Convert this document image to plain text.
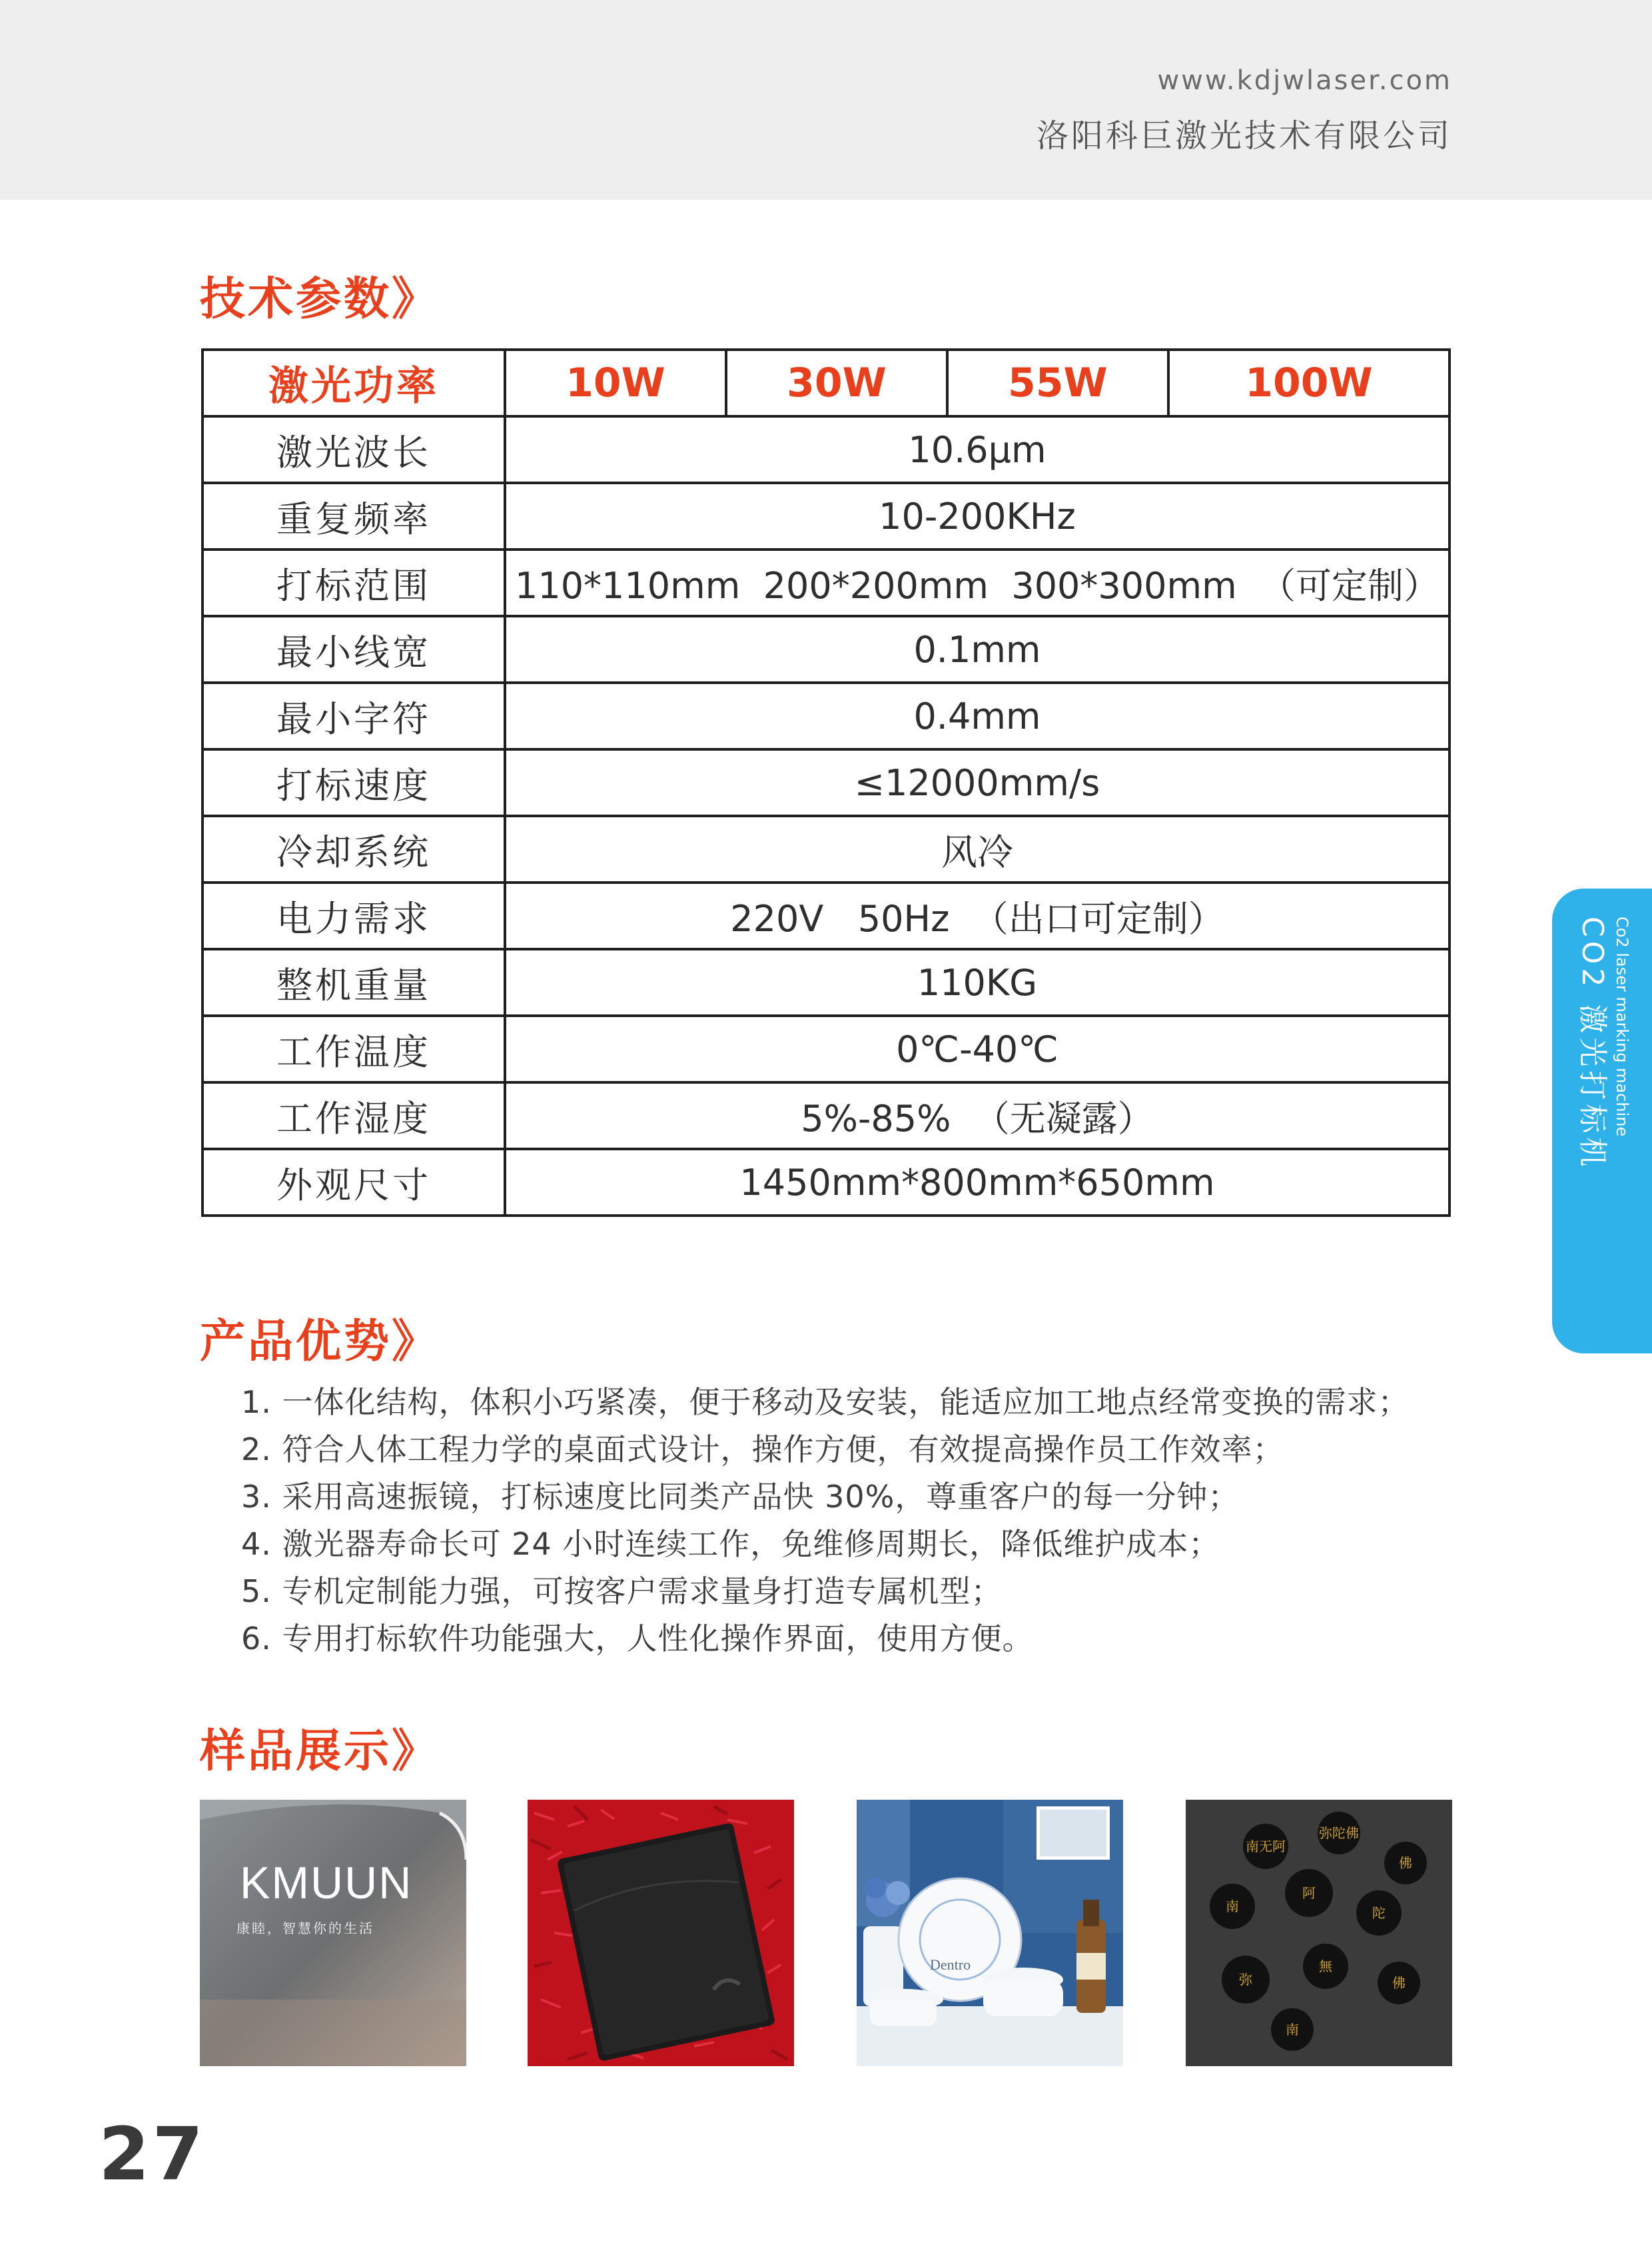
www.kdjwlaser.com
洛阳科巨激光技术有限公司
技术参数》
激光功率	10W	30W	55W	100W
激光波长	10.6μm			
重复频率	10-200KHz			
打标范围	110*110mm  200*200mm  300*300mm  （可定制）			
最小线宽	0.1mm			
最小字符	0.4mm			
打标速度	≤12000mm/s			
冷却系统	风冷			
电力需求	220V   50Hz  （出口可定制）			
整机重量	110KG			
工作温度	0℃-40℃			
工作湿度	5%-85%  （无凝露）			
外观尺寸	1450mm*800mm*650mm			
CO2 激光打标机 Co2 laser marking machine
产品优势》
1. 一体化结构，体积小巧紧凑，便于移动及安装，能适应加工地点经常变换的需求；
2. 符合人体工程力学的桌面式设计，操作方便，有效提高操作员工作效率；
3. 采用高速振镜，打标速度比同类产品快 30%，尊重客户的每一分钟；
4. 激光器寿命长可 24 小时连续工作，免维修周期长，降低维护成本；
5. 专机定制能力强，可按客户需求量身打造专属机型；
6. 专用打标软件功能强大，人性化操作界面，使用方便。
样品展示》
KMUUN
康睦，智慧你的生活
Dentro
南无阿
弥陀佛
佛
南
阿
陀
弥
無
佛
南
27
